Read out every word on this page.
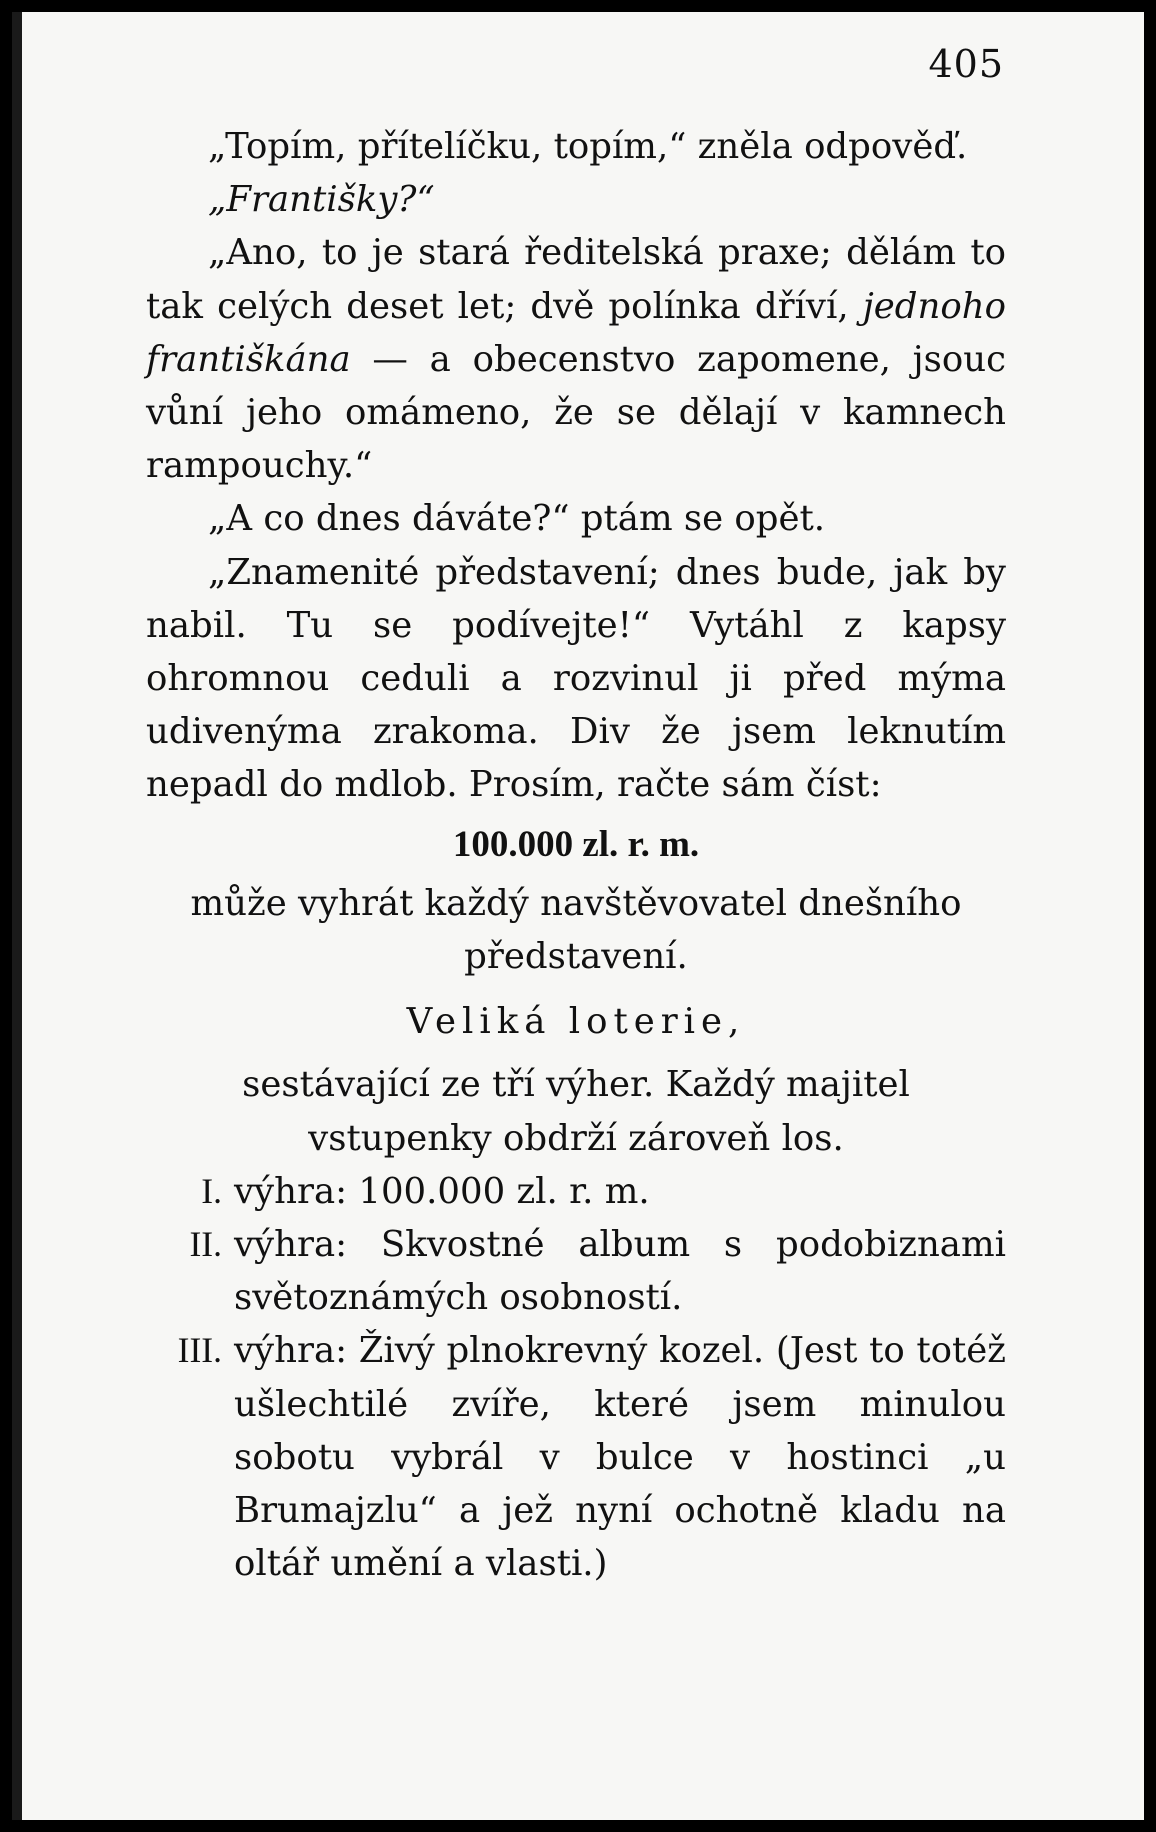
405

„Topím, přítelíčku, topím,“ zněla odpověď.

„Františky?“

„Ano, to je stará ředitelská praxe; dělám to tak celých deset let; dvě polínka dříví, jednoho františkána — a obecenstvo zapomene, jsouc vůní jeho omámeno, že se dělají v kamnech rampouchy.“

„A co dnes dáváte?“ ptám se opět.

„Znamenité představení; dnes bude, jak by nabil. Tu se podívejte!“ Vytáhl z kapsy ohromnou ceduli a rozvinul ji před mýma udivenýma zrakoma. Div že jsem leknutím nepadl do mdlob. Prosím, račte sám číst:

100.000 zl. r. m.

může vyhrát každý navštěvovatel dnešního představení.

Veliká loterie,

sestávající ze tří výher. Každý majitel vstupenky obdrží zároveň los.

I. výhra: 100.000 zl. r. m.
II. výhra: Skvostné album s podobiznami světoznámých osobností.
III. výhra: Živý plnokrevný kozel. (Jest to totéž ušlechtilé zvíře, které jsem minulou sobotu vybrál v bulce v hostinci „u Brumajzlu“ a jež nyní ochotně kladu na oltář umění a vlasti.)
